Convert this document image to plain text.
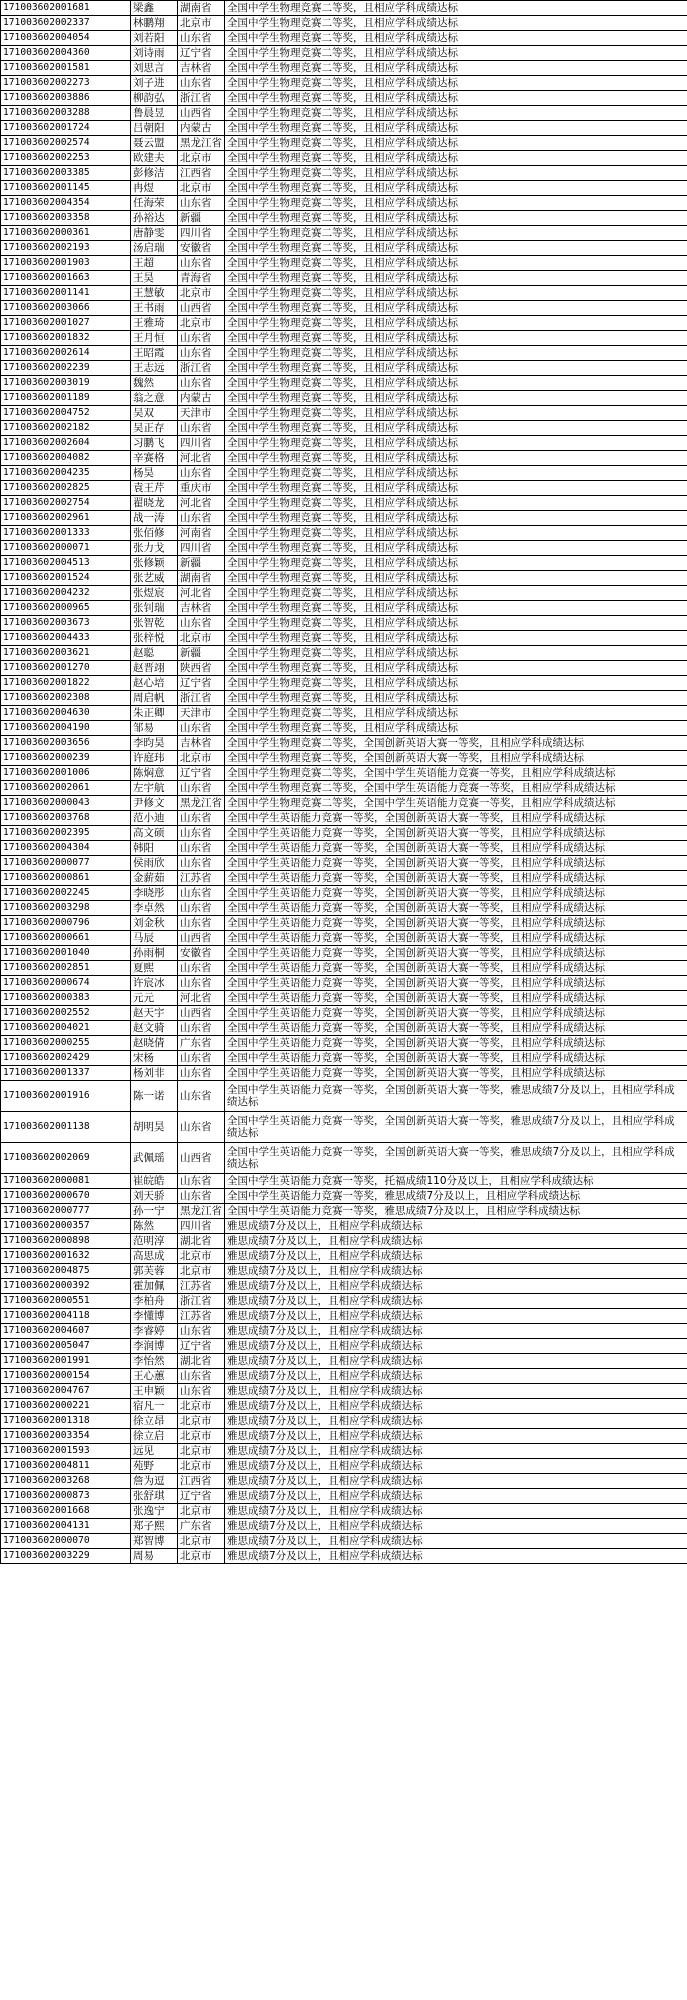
171003602001681	梁鑫	湖南省	全国中学生物理竞赛二等奖，且相应学科成绩达标
171003602002337	林鹏翔	北京市	全国中学生物理竞赛二等奖，且相应学科成绩达标
171003602004054	刘若阳	山东省	全国中学生物理竞赛二等奖，且相应学科成绩达标
171003602004360	刘诗雨	辽宁省	全国中学生物理竞赛二等奖，且相应学科成绩达标
171003602001581	刘思言	吉林省	全国中学生物理竞赛二等奖，且相应学科成绩达标
171003602002273	刘子进	山东省	全国中学生物理竞赛二等奖，且相应学科成绩达标
171003602003886	柳韵弘	浙江省	全国中学生物理竞赛二等奖，且相应学科成绩达标
171003602003288	鲁晨昱	山西省	全国中学生物理竞赛二等奖，且相应学科成绩达标
171003602001724	吕朝阳	内蒙古	全国中学生物理竞赛二等奖，且相应学科成绩达标
171003602002574	聂云盟	黑龙江省	全国中学生物理竞赛二等奖，且相应学科成绩达标
171003602002253	欧建夫	北京市	全国中学生物理竞赛二等奖，且相应学科成绩达标
171003602003385	彭修洁	江西省	全国中学生物理竞赛二等奖，且相应学科成绩达标
171003602001145	冉煜	北京市	全国中学生物理竞赛二等奖，且相应学科成绩达标
171003602004354	任海荣	山东省	全国中学生物理竞赛二等奖，且相应学科成绩达标
171003602003358	孙裕达	新疆	全国中学生物理竞赛二等奖，且相应学科成绩达标
171003602000361	唐静雯	四川省	全国中学生物理竞赛二等奖，且相应学科成绩达标
171003602002193	汤启瑞	安徽省	全国中学生物理竞赛二等奖，且相应学科成绩达标
171003602001903	王超	山东省	全国中学生物理竞赛二等奖，且相应学科成绩达标
171003602001663	王昊	青海省	全国中学生物理竞赛二等奖，且相应学科成绩达标
171003602001141	王慧敏	北京市	全国中学生物理竞赛二等奖，且相应学科成绩达标
171003602003066	王书雨	山西省	全国中学生物理竞赛二等奖，且相应学科成绩达标
171003602001027	王雅琦	北京市	全国中学生物理竞赛二等奖，且相应学科成绩达标
171003602001832	王月恒	山东省	全国中学生物理竞赛二等奖，且相应学科成绩达标
171003602002614	王昭霞	山东省	全国中学生物理竞赛二等奖，且相应学科成绩达标
171003602002239	王志远	浙江省	全国中学生物理竞赛二等奖，且相应学科成绩达标
171003602003019	魏然	山东省	全国中学生物理竞赛二等奖，且相应学科成绩达标
171003602001189	翁之意	内蒙古	全国中学生物理竞赛二等奖，且相应学科成绩达标
171003602004752	吴双	天津市	全国中学生物理竞赛二等奖，且相应学科成绩达标
171003602002182	吴正存	山东省	全国中学生物理竞赛二等奖，且相应学科成绩达标
171003602002604	习鹏飞	四川省	全国中学生物理竞赛二等奖，且相应学科成绩达标
171003602004082	辛赛格	河北省	全国中学生物理竞赛二等奖，且相应学科成绩达标
171003602004235	杨昊	山东省	全国中学生物理竞赛二等奖，且相应学科成绩达标
171003602002825	袁王芹	重庆市	全国中学生物理竞赛二等奖，且相应学科成绩达标
171003602002754	翟晓龙	河北省	全国中学生物理竞赛二等奖，且相应学科成绩达标
171003602002961	战一涛	山东省	全国中学生物理竞赛二等奖，且相应学科成绩达标
171003602001333	张佰修	河南省	全国中学生物理竞赛二等奖，且相应学科成绩达标
171003602000071	张力戈	四川省	全国中学生物理竞赛二等奖，且相应学科成绩达标
171003602004513	张修颖	新疆	全国中学生物理竞赛二等奖，且相应学科成绩达标
171003602001524	张艺威	湖南省	全国中学生物理竞赛二等奖，且相应学科成绩达标
171003602004232	张煜宸	河北省	全国中学生物理竞赛二等奖，且相应学科成绩达标
171003602000965	张钊瑞	吉林省	全国中学生物理竞赛二等奖，且相应学科成绩达标
171003602003673	张智乾	山东省	全国中学生物理竞赛二等奖，且相应学科成绩达标
171003602004433	张梓悦	北京市	全国中学生物理竞赛二等奖，且相应学科成绩达标
171003602003621	赵聪	新疆	全国中学生物理竞赛二等奖，且相应学科成绩达标
171003602001270	赵晋翊	陕西省	全国中学生物理竞赛二等奖，且相应学科成绩达标
171003602001822	赵心培	辽宁省	全国中学生物理竞赛二等奖，且相应学科成绩达标
171003602002308	周启帆	浙江省	全国中学生物理竞赛二等奖，且相应学科成绩达标
171003602004630	朱正卿	天津市	全国中学生物理竞赛二等奖，且相应学科成绩达标
171003602004190	邹易	山东省	全国中学生物理竞赛二等奖，且相应学科成绩达标
171003602003656	李昀昊	吉林省	全国中学生物理竞赛二等奖，全国创新英语大赛一等奖，且相应学科成绩达标
171003602000239	许庭玮	北京市	全国中学生物理竞赛二等奖，全国创新英语大赛一等奖，且相应学科成绩达标
171003602001006	陈焖意	辽宁省	全国中学生物理竞赛二等奖，全国中学生英语能力竞赛一等奖，且相应学科成绩达标
171003602002061	左宇航	山东省	全国中学生物理竞赛二等奖，全国中学生英语能力竞赛一等奖，且相应学科成绩达标
171003602000043	尹修文	黑龙江省	全国中学生物理竞赛二等奖，全国中学生英语能力竞赛一等奖，且相应学科成绩达标
171003602003768	范小迪	山东省	全国中学生英语能力竞赛一等奖，全国创新英语大赛一等奖，且相应学科成绩达标
171003602002395	高文硕	山东省	全国中学生英语能力竞赛一等奖，全国创新英语大赛一等奖，且相应学科成绩达标
171003602004304	韩阳	山东省	全国中学生英语能力竞赛一等奖，全国创新英语大赛一等奖，且相应学科成绩达标
171003602000077	侯雨欣	山东省	全国中学生英语能力竞赛一等奖，全国创新英语大赛一等奖，且相应学科成绩达标
171003602000861	金薪茹	江苏省	全国中学生英语能力竞赛一等奖，全国创新英语大赛一等奖，且相应学科成绩达标
171003602002245	李晓彤	山东省	全国中学生英语能力竞赛一等奖，全国创新英语大赛一等奖，且相应学科成绩达标
171003602003298	李卓然	山东省	全国中学生英语能力竞赛一等奖，全国创新英语大赛一等奖，且相应学科成绩达标
171003602000796	刘金秋	山东省	全国中学生英语能力竞赛一等奖，全国创新英语大赛一等奖，且相应学科成绩达标
171003602000661	马辰	山西省	全国中学生英语能力竞赛一等奖，全国创新英语大赛一等奖，且相应学科成绩达标
171003602001040	孙雨桐	安徽省	全国中学生英语能力竞赛一等奖，全国创新英语大赛一等奖，且相应学科成绩达标
171003602002851	夏熙	山东省	全国中学生英语能力竞赛一等奖，全国创新英语大赛一等奖，且相应学科成绩达标
171003602000674	许宸冰	山东省	全国中学生英语能力竞赛一等奖，全国创新英语大赛一等奖，且相应学科成绩达标
171003602000383	元元	河北省	全国中学生英语能力竞赛一等奖，全国创新英语大赛一等奖，且相应学科成绩达标
171003602002552	赵天宇	山西省	全国中学生英语能力竞赛一等奖，全国创新英语大赛一等奖，且相应学科成绩达标
171003602004021	赵文骑	山东省	全国中学生英语能力竞赛一等奖，全国创新英语大赛一等奖，且相应学科成绩达标
171003602000255	赵晓倩	广东省	全国中学生英语能力竞赛一等奖，全国创新英语大赛一等奖，且相应学科成绩达标
171003602002429	宋杨	山东省	全国中学生英语能力竞赛一等奖，全国创新英语大赛一等奖，且相应学科成绩达标
171003602001337	杨刘非	山东省	全国中学生英语能力竞赛一等奖，全国创新英语大赛一等奖，且相应学科成绩达标
171003602001916	陈一诺	山东省	全国中学生英语能力竞赛一等奖，全国创新英语大赛一等奖，雅思成绩7分及以上，且相应学科成绩达标
171003602001138	胡明昊	山东省	全国中学生英语能力竞赛一等奖，全国创新英语大赛一等奖，雅思成绩7分及以上，且相应学科成绩达标
171003602002069	武佩瑶	山西省	全国中学生英语能力竞赛一等奖，全国创新英语大赛一等奖，雅思成绩7分及以上，且相应学科成绩达标
171003602000081	崔皖皓	山东省	全国中学生英语能力竞赛一等奖，托福成绩110分及以上，且相应学科成绩达标
171003602000670	刘天骄	山东省	全国中学生英语能力竞赛一等奖，雅思成绩7分及以上，且相应学科成绩达标
171003602000777	孙一宁	黑龙江省	全国中学生英语能力竞赛一等奖，雅思成绩7分及以上，且相应学科成绩达标
171003602000357	陈然	四川省	雅思成绩7分及以上，且相应学科成绩达标
171003602000898	范明淳	湖北省	雅思成绩7分及以上，且相应学科成绩达标
171003602001632	高思成	北京市	雅思成绩7分及以上，且相应学科成绩达标
171003602004875	郭芙蓉	北京市	雅思成绩7分及以上，且相应学科成绩达标
171003602000392	霍加佩	江苏省	雅思成绩7分及以上，且相应学科成绩达标
171003602000551	李柏舟	浙江省	雅思成绩7分及以上，且相应学科成绩达标
171003602004118	李懂博	江苏省	雅思成绩7分及以上，且相应学科成绩达标
171003602004607	李睿婷	山东省	雅思成绩7分及以上，且相应学科成绩达标
171003602005047	李润博	辽宁省	雅思成绩7分及以上，且相应学科成绩达标
171003602001991	李怡然	湖北省	雅思成绩7分及以上，且相应学科成绩达标
171003602000154	王心蕙	山东省	雅思成绩7分及以上，且相应学科成绩达标
171003602004767	王申颖	山东省	雅思成绩7分及以上，且相应学科成绩达标
171003602000221	宿凡一	北京市	雅思成绩7分及以上，且相应学科成绩达标
171003602001318	徐立昂	北京市	雅思成绩7分及以上，且相应学科成绩达标
171003602003354	徐立启	北京市	雅思成绩7分及以上，且相应学科成绩达标
171003602001593	远见	北京市	雅思成绩7分及以上，且相应学科成绩达标
171003602004811	苑野	北京市	雅思成绩7分及以上，且相应学科成绩达标
171003602003268	詹为逗	江西省	雅思成绩7分及以上，且相应学科成绩达标
171003602000873	张舒琪	辽宁省	雅思成绩7分及以上，且相应学科成绩达标
171003602001668	张逸宁	北京市	雅思成绩7分及以上，且相应学科成绩达标
171003602004131	郑子熙	广东省	雅思成绩7分及以上，且相应学科成绩达标
171003602000070	郑智博	北京市	雅思成绩7分及以上，且相应学科成绩达标
171003602003229	周易	北京市	雅思成绩7分及以上，且相应学科成绩达标
